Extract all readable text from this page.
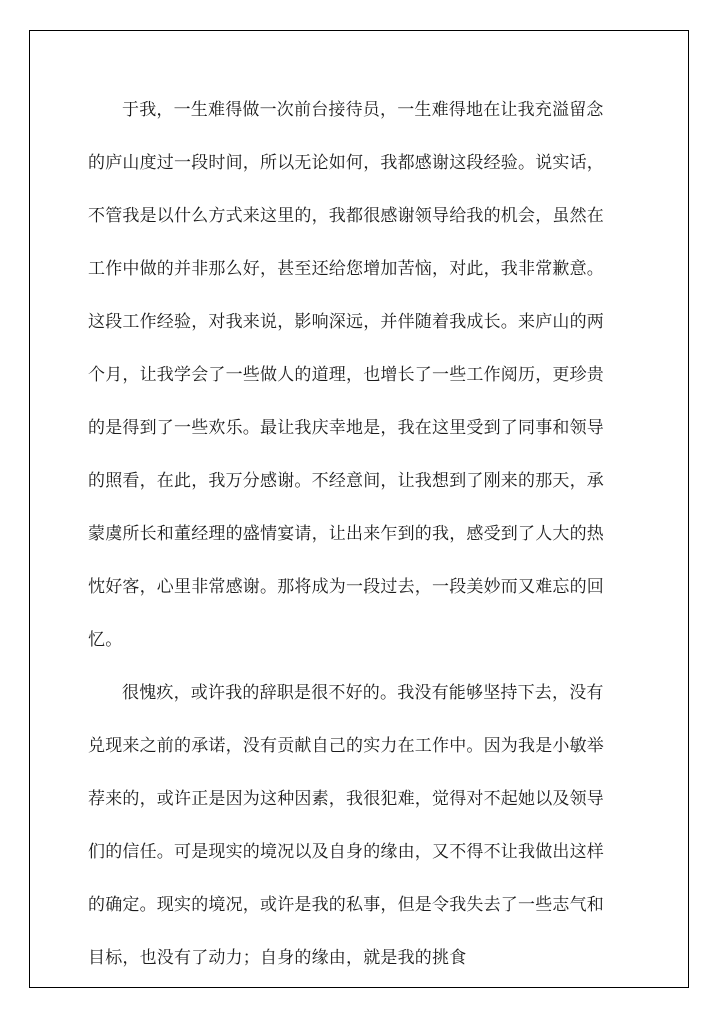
于我，一生难得做一次前台接待员，一生难得地在让我充溢留念
的庐山度过一段时间，所以无论如何，我都感谢这段经验。说实话，
不管我是以什么方式来这里的，我都很感谢领导给我的机会，虽然在
工作中做的并非那么好，甚至还给您增加苦恼，对此，我非常歉意。
这段工作经验，对我来说，影响深远，并伴随着我成长。来庐山的两
个月，让我学会了一些做人的道理，也增长了一些工作阅历，更珍贵
的是得到了一些欢乐。最让我庆幸地是，我在这里受到了同事和领导
的照看，在此，我万分感谢。不经意间，让我想到了刚来的那天，承
蒙虞所长和董经理的盛情宴请，让出来乍到的我，感受到了人大的热
忱好客，心里非常感谢。那将成为一段过去，一段美妙而又难忘的回
忆。
很愧疚，或许我的辞职是很不好的。我没有能够坚持下去，没有
兑现来之前的承诺，没有贡献自己的实力在工作中。因为我是小敏举
荐来的，或许正是因为这种因素，我很犯难，觉得对不起她以及领导
们的信任。可是现实的境况以及自身的缘由，又不得不让我做出这样
的确定。现实的境况，或许是我的私事，但是令我失去了一些志气和
目标，也没有了动力；自身的缘由，就是我的挑食
